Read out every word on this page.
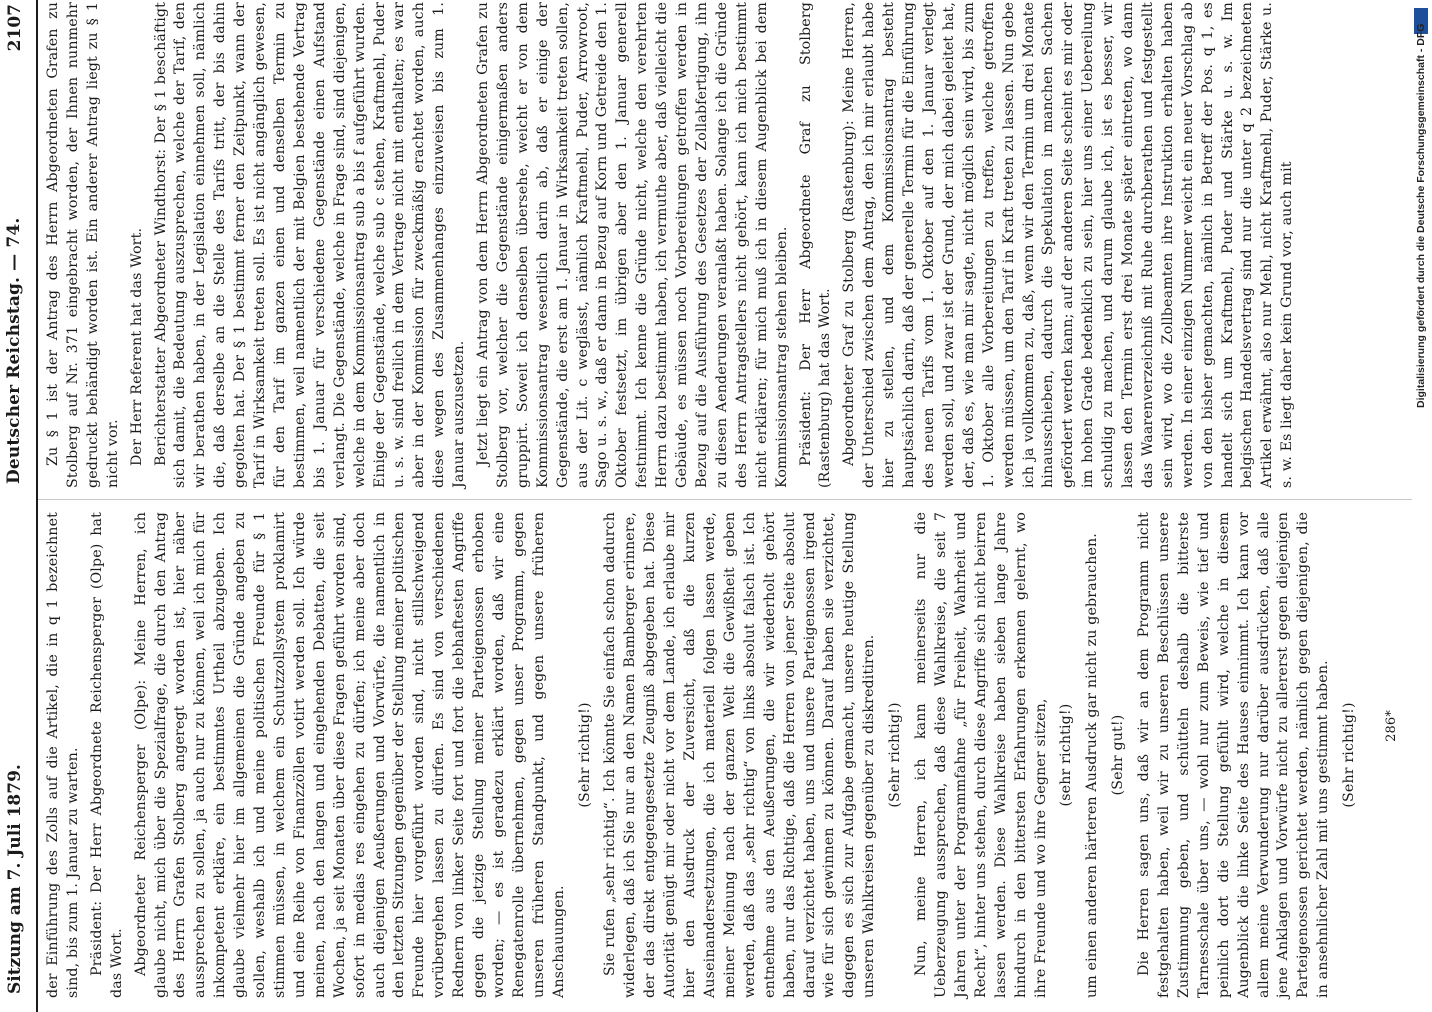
Sitzung am 7. Juli 1879.
2107

der Einführung des Zolls auf die Artikel, die in q 1 bezeichnet sind, bis zum 1. Januar zu warten. Präsident: Der Herr Abgeordnete Reichensperger (Olpe) hat das Wort. Abgeordneter Reichensperger (Olpe): Meine Herren, ich glaube nicht, mich über die Spezialfrage, die durch den Antrag des Herrn Grafen Stolberg angeregt worden ist, hier näher aussprechen zu sollen, ja auch nur zu können, weil ich mich für inkompetent erkläre, ein bestimmtes Urtheil abzugeben. Ich glaube vielmehr hier im allgemeinen die Gründe angeben zu sollen, weshalb ich und meine politischen Freunde für § 1 stimmen müssen, in welchem ein Schutzzollsystem proklamirt und eine Reihe von Finanzzöllen votirt werden soll. Ich würde meinen, nach den langen und eingehenden Debatten, die seit Wochen, ja seit Monaten über diese Fragen geführt worden sind, sofort in medias res eingehen zu dürfen; ich meine aber doch auch diejenigen Aeußerungen und Vorwürfe, die namentlich in den letzten Sitzungen gegenüber der Stellung meiner politischen Freunde hier vorgeführt worden sind, nicht stillschweigend vorübergehen lassen zu dürfen. Es sind von verschiedenen Rednern von linker Seite fort und fort die lebhaftesten Angriffe gegen die jetzige Stellung meiner Parteigenossen erhoben worden; — es ist geradezu erklärt worden, daß wir eine Renegatenrolle übernehmen, gegen unser Programm, gegen unseren früheren Standpunkt, und gegen unsere früheren Anschauungen.

(Sehr richtig!) Sie rufen „sehr richtig“. Ich könnte Sie einfach schon dadurch widerlegen, daß ich Sie nur an den Namen Bamberger erinnere, der das direkt entgegengesetzte Zeugniß abgegeben hat. Diese Autorität genügt mir oder nicht vor dem Lande, ich erlaube mir hier den Ausdruck der Zuversicht, daß die kurzen Auseinandersetzungen, die ich materiell folgen lassen werde, meiner Meinung nach der ganzen Welt die Gewißheit geben werden, daß das „sehr richtig“ von links absolut falsch ist. Ich entnehme aus den Aeußerungen, die wir wiederholt gehört haben, nur das Richtige, daß die Herren von jener Seite absolut darauf verzichtet haben, uns und unsere Parteigenossen irgend wie für sich gewinnen zu können. Darauf haben sie verzichtet, dagegen es sich zur Aufgabe gemacht, unsere heutige Stellung unseren Wahlkreisen gegenüber zu diskreditiren. (Sehr richtig!) Nun, meine Herren, ich kann meinerseits nur die Ueberzeugung aussprechen, daß diese Wahlkreise, die seit 7 Jahren unter der Programmfahne „für Freiheit, Wahrheit und Recht“, hinter uns stehen, durch diese Angriffe sich nicht beirren lassen werden. Diese Wahlkreise haben sieben lange Jahre hindurch in den bittersten Erfahrungen erkennen gelernt, wo ihre Freunde und wo ihre Gegner sitzen, (sehr richtig!) um einen anderen härteren Ausdruck gar nicht zu gebrauchen. (Sehr gut!) Die Herren sagen uns, daß wir an dem Programm nicht festgehalten haben, weil wir zu unseren Beschlüssen unsere Zustimmung geben, und schütteln deshalb die bitterste Tarnesschale über uns, — wohl nur zum Beweis, wie tief und peinlich dort die Stellung gefühlt wird, welche in diesem Augenblick die linke Seite des Hauses einnimmt. Ich kann vor allem meine Verwunderung nur darüber ausdrücken, daß alle jene Anklagen und Vorwürfe nicht zu allererst gegen diejenigen Parteigenossen gerichtet werden, nämlich gegen diejenigen, die in ansehnlicher Zahl mit uns gestimmt haben. (Sehr richtig!) 286*
Deutscher Reichstag. — 74. Zu § 1 ist der Antrag des Herrn Abgeordneten Grafen zu Stolberg auf Nr. 371 eingebracht worden, der Ihnen nunmehr gedruckt behändigt worden ist. Ein anderer Antrag liegt zu § 1 nicht vor. Der Herr Referent hat das Wort. Berichterstatter Abgeordneter Windthorst: Der § 1 beschäftigt sich damit, die Bedeutung auszusprechen, welche der Tarif, den wir berathen haben, in der Legislation einnehmen soll, nämlich die, daß derselbe an die Stelle des Tarifs tritt, der bis dahin gegolten hat. Der § 1 bestimmt ferner den Zeitpunkt, wann der Tarif in Wirksamkeit treten soll. Es ist nicht angänglich gewesen, für den Tarif im ganzen einen und denselben Termin zu bestimmen, weil namentlich der mit Belgien bestehende Vertrag bis 1. Januar für verschiedene Gegenstände einen Aufstand verlangt. Die Gegenstände, welche in Frage sind, sind diejenigen, welche in dem Kommissionsantrag sub a bis f aufgeführt wurden. Einige der Gegenstände, welche sub c stehen, Kraftmehl, Puder u. s. w. sind freilich in dem Vertrage nicht mit enthalten; es war aber in der Kommission für zweckmäßig erachtet worden, auch diese wegen des Zusammenhanges einzuweisen bis zum 1. Januar auszusetzen. Jetzt liegt ein Antrag von dem Herrn Abgeordneten Grafen zu Stolberg vor, welcher die Gegenstände einigermaßen anders gruppirt. Soweit ich denselben übersehe, weicht er von dem Kommissionsantrag wesentlich darin ab, daß er einige der Gegenstände, die erst am 1. Januar in Wirksamkeit treten sollen, aus der Lit. c weglässt, nämlich Kraftmehl, Puder, Arrowroot, Sago u. s. w., daß er dann in Bezug auf Korn und Getreide den 1. Oktober festsetzt, im übrigen aber den 1. Januar generell festnimmt. Ich kenne die Gründe nicht, welche den verehrten Herrn dazu bestimmt haben, ich vermuthe aber, daß vielleicht die Gebäude, es müssen noch Vorbereitungen getroffen werden in Bezug auf die Ausführung des Gesetzes der Zollabfertigung, ihn zu diesen Aenderungen veranlaßt haben. Solange ich die Gründe des Herrn Antragstellers nicht gehört, kann ich mich bestimmt nicht erklären; für mich muß ich in diesem Augenblick bei dem Kommissionsantrag stehen bleiben. Präsident: Der Herr Abgeordnete Graf zu Stolberg (Rastenburg) hat das Wort. Abgeordneter Graf zu Stolberg (Rastenburg): Meine Herren, der Unterschied zwischen dem Antrag, den ich mir erlaubt habe hier zu stellen, und dem Kommissionsantrag besteht hauptsächlich darin, daß der generelle Termin für die Einführung des neuen Tarifs vom 1. Oktober auf den 1. Januar verlegt werden soll, und zwar ist der Grund, der mich dabei geleitet hat, der, daß es, wie man mir sagte, nicht möglich sein wird, bis zum 1. Oktober alle Vorbereitungen zu treffen, welche getroffen werden müssen, um den Tarif in Kraft treten zu lassen. Nun gebe ich ja vollkommen zu, daß, wenn wir den Termin um drei Monate hinausschieben, dadurch die Spekulation in manchen Sachen gefördert werden kann; auf der anderen Seite scheint es mir oder im hohen Grade bedenklich zu sein, hier uns einer Uebereilung schuldig zu machen, und darum glaube ich, ist es besser, wir lassen den Termin erst drei Monate später eintreten, wo dann das Waarenverzeichniß mit Ruhe durchberathen und festgestellt sein wird, wo die Zollbeamten ihre Instruktion erhalten haben werden. In einer einzigen Nummer weicht ein neuer Vorschlag ab von den bisher gemachten, nämlich in Betreff der Pos. q 1, es handelt sich um Kraftmehl, Puder und Stärke u. s. w. Im belgischen Handelsvertrag sind nur die unter q 2 bezeichneten Artikel erwähnt, also nur Mehl, nicht Kraftmehl, Puder, Stärke u. s. w. Es liegt daher kein Grund vor, auch mit	Digitalisierung gefördert durch die Deutsche Forschungsgemeinschaft - DFG
